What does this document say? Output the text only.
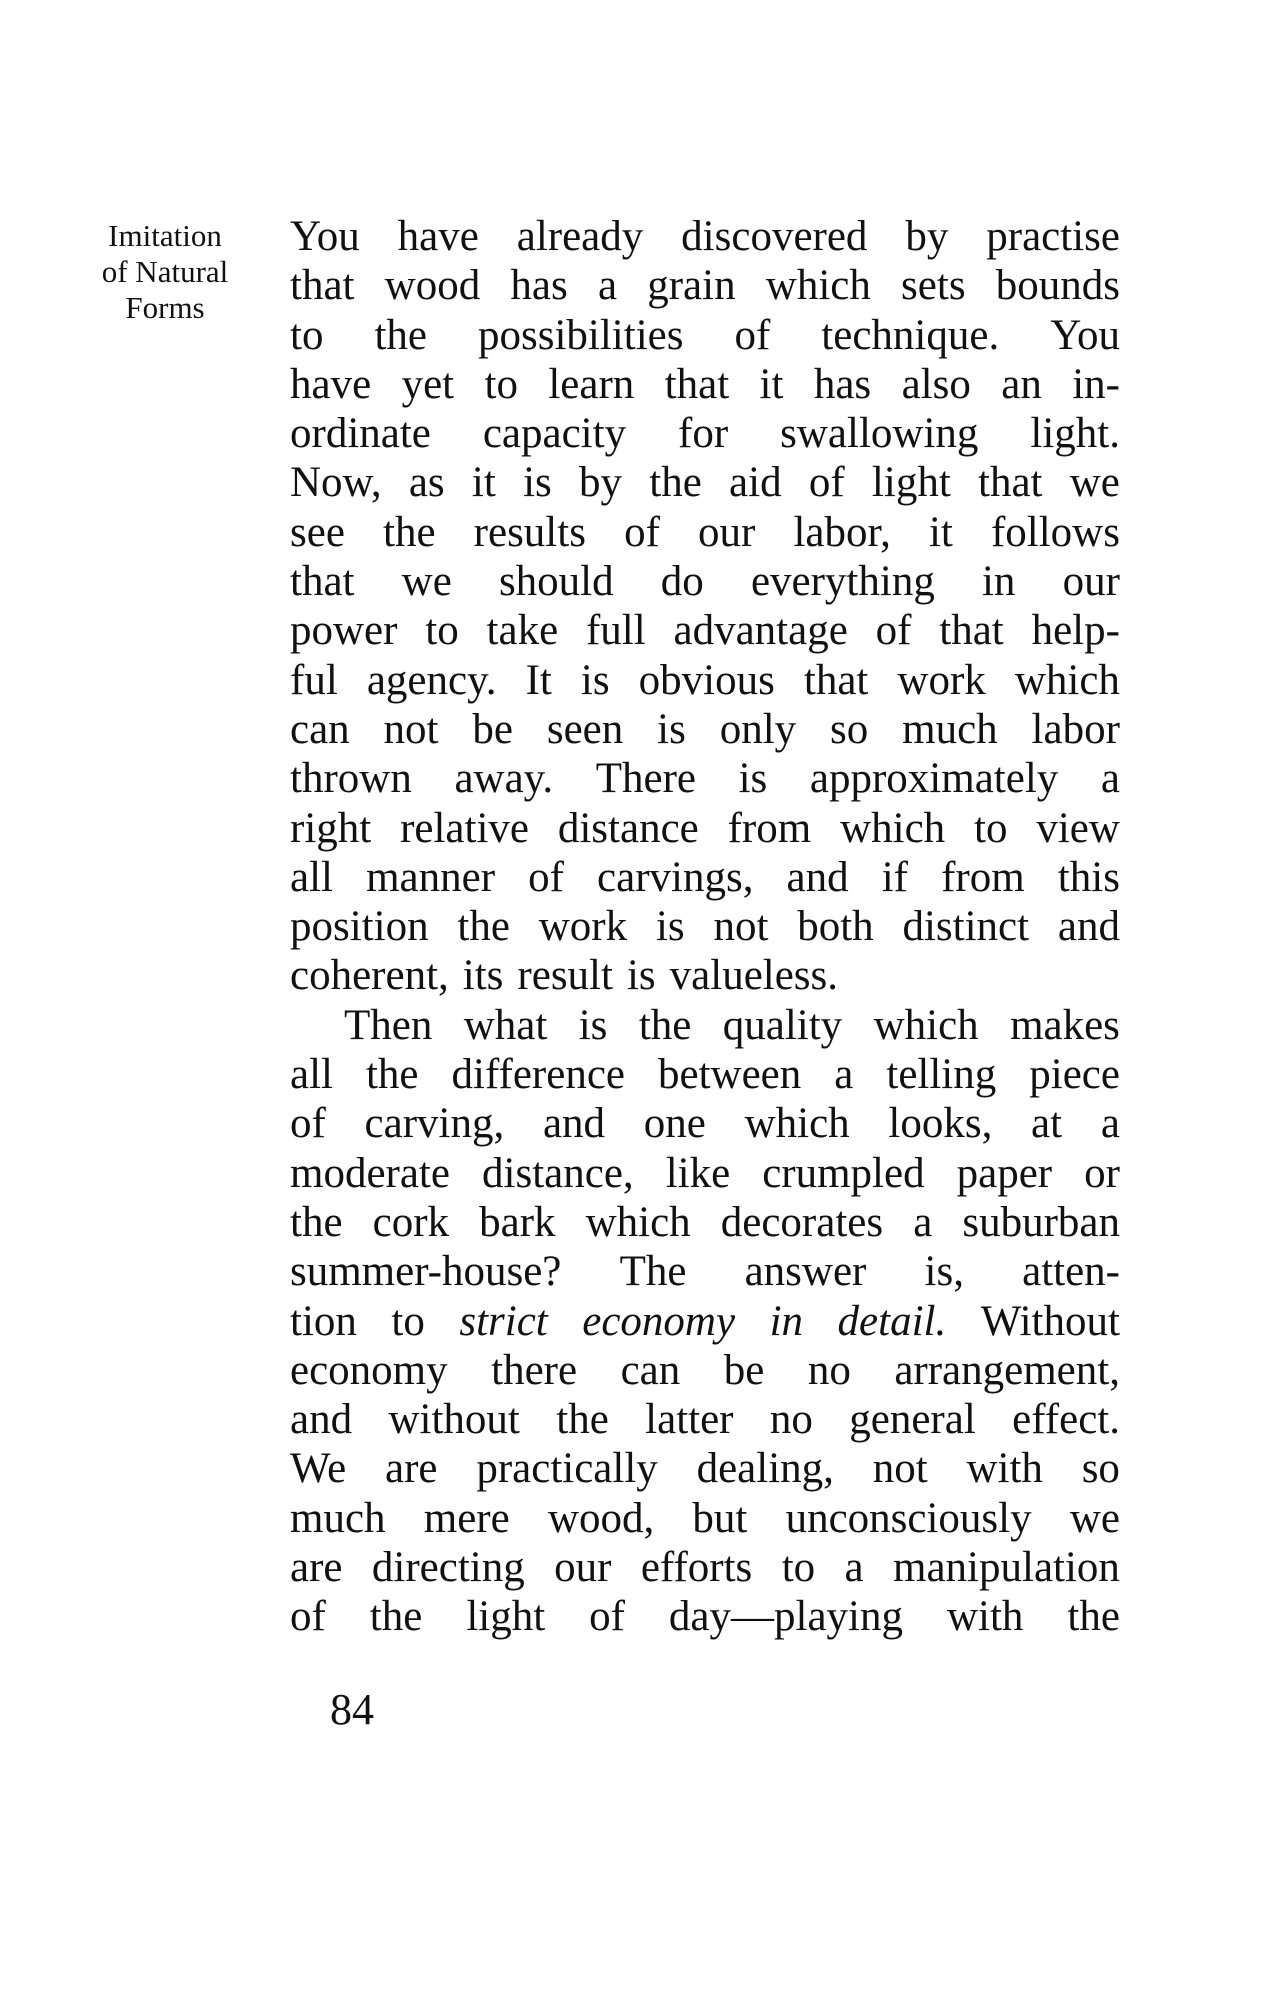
Imitation
of Natural
Forms
You have already discovered by practise
that wood has a grain which sets bounds
to the possibilities of technique. You
have yet to learn that it has also an in-
ordinate capacity for swallowing light.
Now, as it is by the aid of light that we
see the results of our labor, it follows
that we should do everything in our
power to take full advantage of that help-
ful agency. It is obvious that work which
can not be seen is only so much labor
thrown away. There is approximately a
right relative distance from which to view
all manner of carvings, and if from this
position the work is not both distinct and
coherent, its result is valueless.
Then what is the quality which makes
all the difference between a telling piece
of carving, and one which looks, at a
moderate distance, like crumpled paper or
the cork bark which decorates a suburban
summer-house? The answer is, atten-
tion to strict economy in detail. Without
economy there can be no arrangement,
and without the latter no general effect.
We are practically dealing, not with so
much mere wood, but unconsciously we
are directing our efforts to a manipulation
of the light of day—playing with the
84
